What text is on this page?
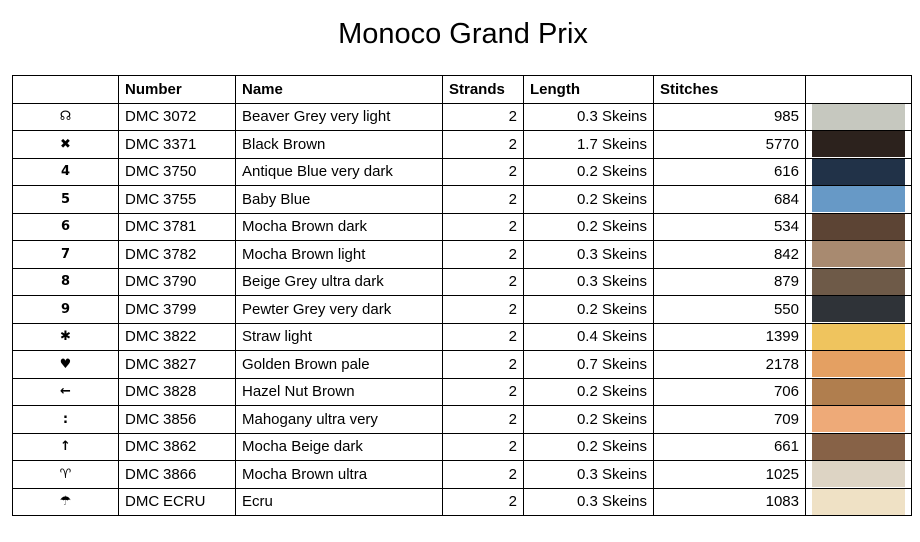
Monoco Grand Prix
	Number	Name	Strands	Length	Stitches	
☊	DMC 3072	Beaver Grey very light	2	0.3 Skeins	985	

✖	DMC 3371	Black Brown	2	1.7 Skeins	5770	

4	DMC 3750	Antique Blue very dark	2	0.2 Skeins	616	

5	DMC 3755	Baby Blue	2	0.2 Skeins	684	

6	DMC 3781	Mocha Brown dark	2	0.2 Skeins	534	

7	DMC 3782	Mocha Brown light	2	0.3 Skeins	842	

8	DMC 3790	Beige Grey ultra dark	2	0.3 Skeins	879	

9	DMC 3799	Pewter Grey very dark	2	0.2 Skeins	550	

✱	DMC 3822	Straw light	2	0.4 Skeins	1399	

♥	DMC 3827	Golden Brown pale	2	0.7 Skeins	2178	

←	DMC 3828	Hazel Nut Brown	2	0.2 Skeins	706	

:	DMC 3856	Mahogany ultra very	2	0.2 Skeins	709	

↑	DMC 3862	Mocha Beige dark	2	0.2 Skeins	661	

♈	DMC 3866	Mocha Brown ultra	2	0.3 Skeins	1025	

☂	DMC ECRU	Ecru	2	0.3 Skeins	1083	
